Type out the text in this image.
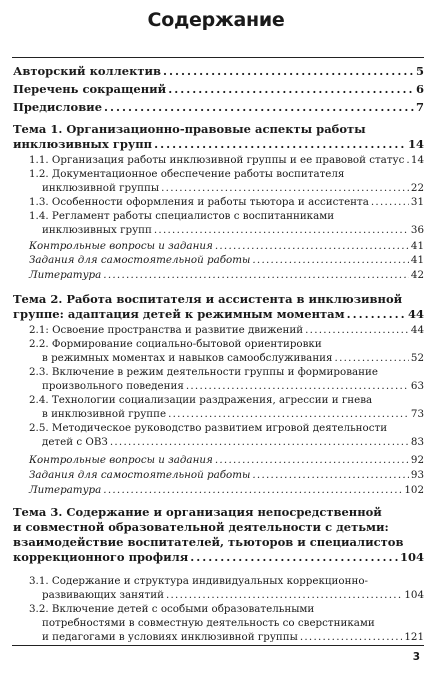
Содержание
Авторский коллектив . . .	5
Перечень сокращений . . .	6
Предисловие . . .	7
Тема 1. Организационно-правовые аспекты работы
инклюзивных групп . . .	14
1.1. Организация работы инклюзивной группы и ее правовой статус . . . 14
1.2. Документационное обеспечение работы воспитателя
инклюзивной группы . . .	22
1.3. Особенности оформления и работы тьютора и ассистента . . .	31
1.4. Регламент работы специалистов с воспитанниками
инклюзивных групп . . .	36
Контрольные вопросы и задания . . .	41
Задания для самостоятельной работы . . .	41
Литература . . .	42
Тема 2. Работа воспитателя и ассистента в инклюзивной
группе: адаптация детей к режимным моментам . . .	44
2.1: Освоение пространства и развитие движений . . .	44
2.2. Формирование социально-бытовой ориентировки
в режимных моментах и навыков самообслуживания . . .	52
2.3. Включение в режим деятельности группы и формирование
произвольного поведения . . .	63
2.4. Технологии социализации раздражения, агрессии и гнева
в инклюзивной группе . . .	73
2.5. Методическое руководство развитием игровой деятельности
детей с ОВЗ . . .	83
Контрольные вопросы и задания . . .	92
Задания для самостоятельной работы . . .	93
Литература . . .	102
Тема 3. Содержание и организация непосредственной
и совместной образовательной деятельности с детьми:
взаимодействие воспитателей, тьюторов и специалистов
коррекционного профиля . . .	104
3.1. Содержание и структура индивидуальных коррекционно-
развивающих занятий . . .	104
3.2. Включение детей с особыми образовательными
потребностями в совместную деятельность со сверстниками
и педагогами в условиях инклюзивной группы . . .	121
3
